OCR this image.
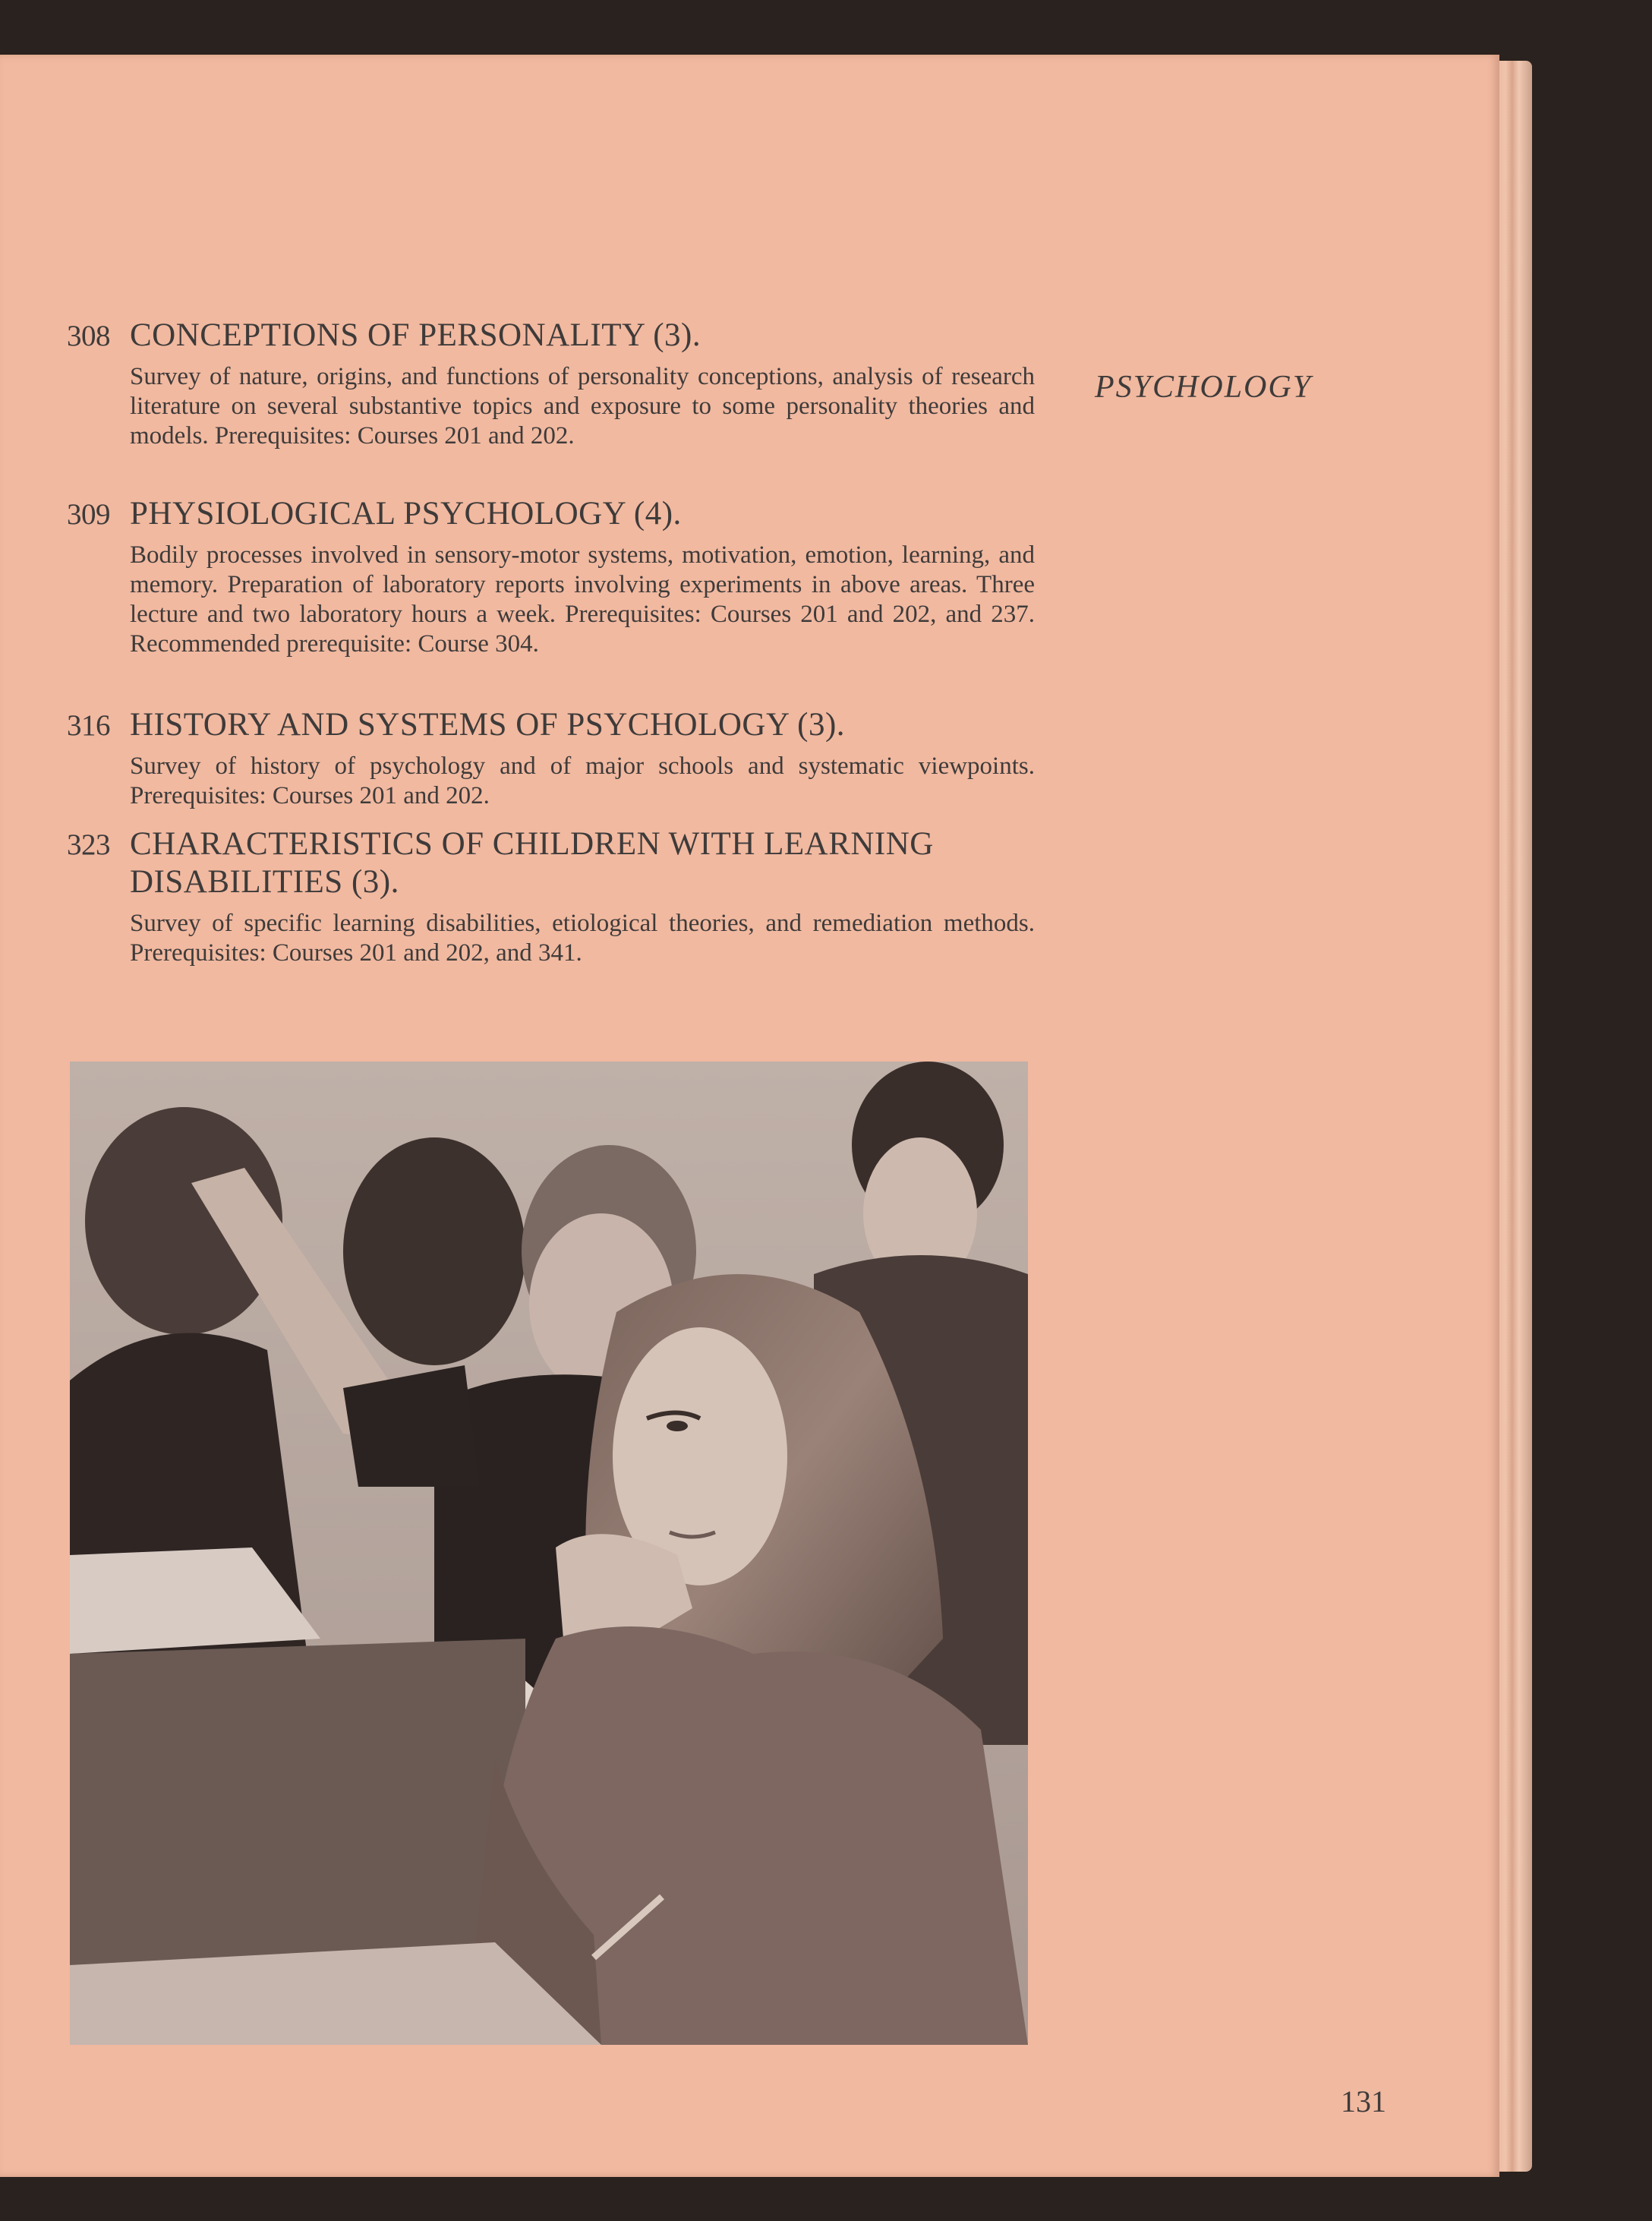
PSYCHOLOGY
308 CONCEPTIONS OF PERSONALITY (3).
Survey of nature, origins, and functions of personality conceptions, analysis of research literature on several substantive topics and exposure to some personality theories and models. Prerequisites: Courses 201 and 202.
309 PHYSIOLOGICAL PSYCHOLOGY (4).
Bodily processes involved in sensory-motor systems, motivation, emotion, learning, and memory. Preparation of laboratory reports involving experiments in above areas. Three lecture and two laboratory hours a week. Prerequisites: Courses 201 and 202, and 237. Recommended prerequisite: Course 304.
316 HISTORY AND SYSTEMS OF PSYCHOLOGY (3).
Survey of history of psychology and of major schools and systematic viewpoints. Prerequisites: Courses 201 and 202.
323 CHARACTERISTICS OF CHILDREN WITH LEARNING DISABILITIES (3).
Survey of specific learning disabilities, etiological theories, and remediation methods. Prerequisites: Courses 201 and 202, and 341.
131
